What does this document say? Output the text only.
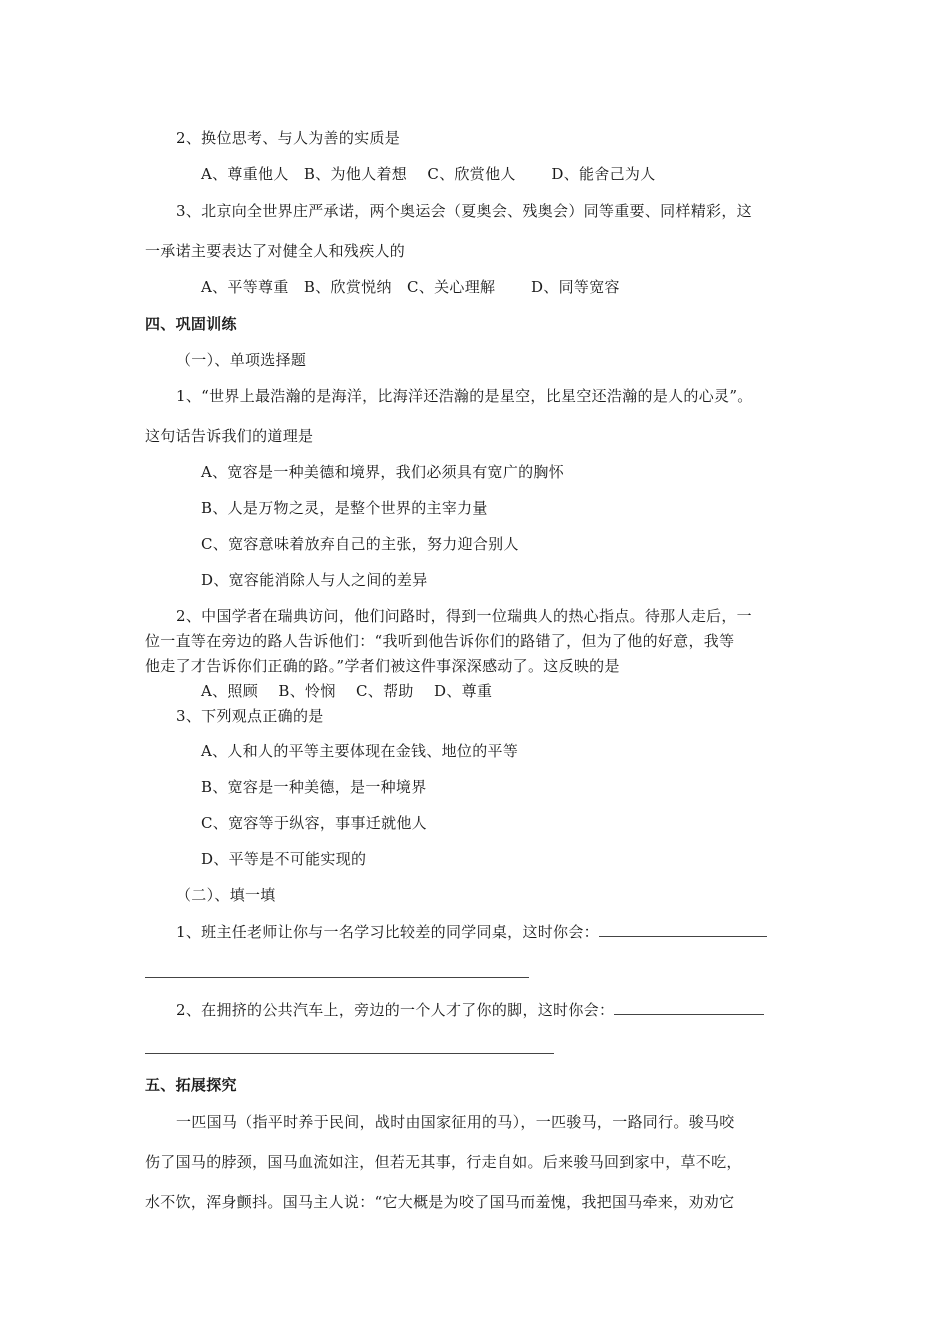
2、换位思考、与人为善的实质是
A、尊重他人　B、为他人着想　 C、欣赏他人　　 D、能舍己为人
3、北京向全世界庄严承诺，两个奥运会（夏奥会、残奥会）同等重要、同样精彩，这
一承诺主要表达了对健全人和残疾人的
A、平等尊重　B、欣赏悦纳　C、关心理解　　 D、同等宽容
四、巩固训练
（一）、单项选择题
1、“世界上最浩瀚的是海洋，比海洋还浩瀚的是星空，比星空还浩瀚的是人的心灵”。
这句话告诉我们的道理是
A、宽容是一种美德和境界，我们必须具有宽广的胸怀
B、人是万物之灵，是整个世界的主宰力量
C、宽容意味着放弃自己的主张，努力迎合别人
D、宽容能消除人与人之间的差异
2、中国学者在瑞典访问，他们问路时，得到一位瑞典人的热心指点。待那人走后，一
位一直等在旁边的路人告诉他们：“我听到他告诉你们的路错了，但为了他的好意，我等
他走了才告诉你们正确的路。”学者们被这件事深深感动了。这反映的是
A、照顾　 B、怜悯　 C、帮助　 D、尊重
3、下列观点正确的是
A、人和人的平等主要体现在金钱、地位的平等
B、宽容是一种美德，是一种境界
C、宽容等于纵容，事事迁就他人
D、平等是不可能实现的
（二）、填一填
1、班主任老师让你与一名学习比较差的同学同桌，这时你会：
2、在拥挤的公共汽车上，旁边的一个人才了你的脚，这时你会：
五、拓展探究
一匹国马（指平时养于民间，战时由国家征用的马），一匹骏马，一路同行。骏马咬
伤了国马的脖颈，国马血流如注，但若无其事，行走自如。后来骏马回到家中，草不吃，
水不饮，浑身颤抖。国马主人说：“它大概是为咬了国马而羞愧，我把国马牵来，劝劝它
